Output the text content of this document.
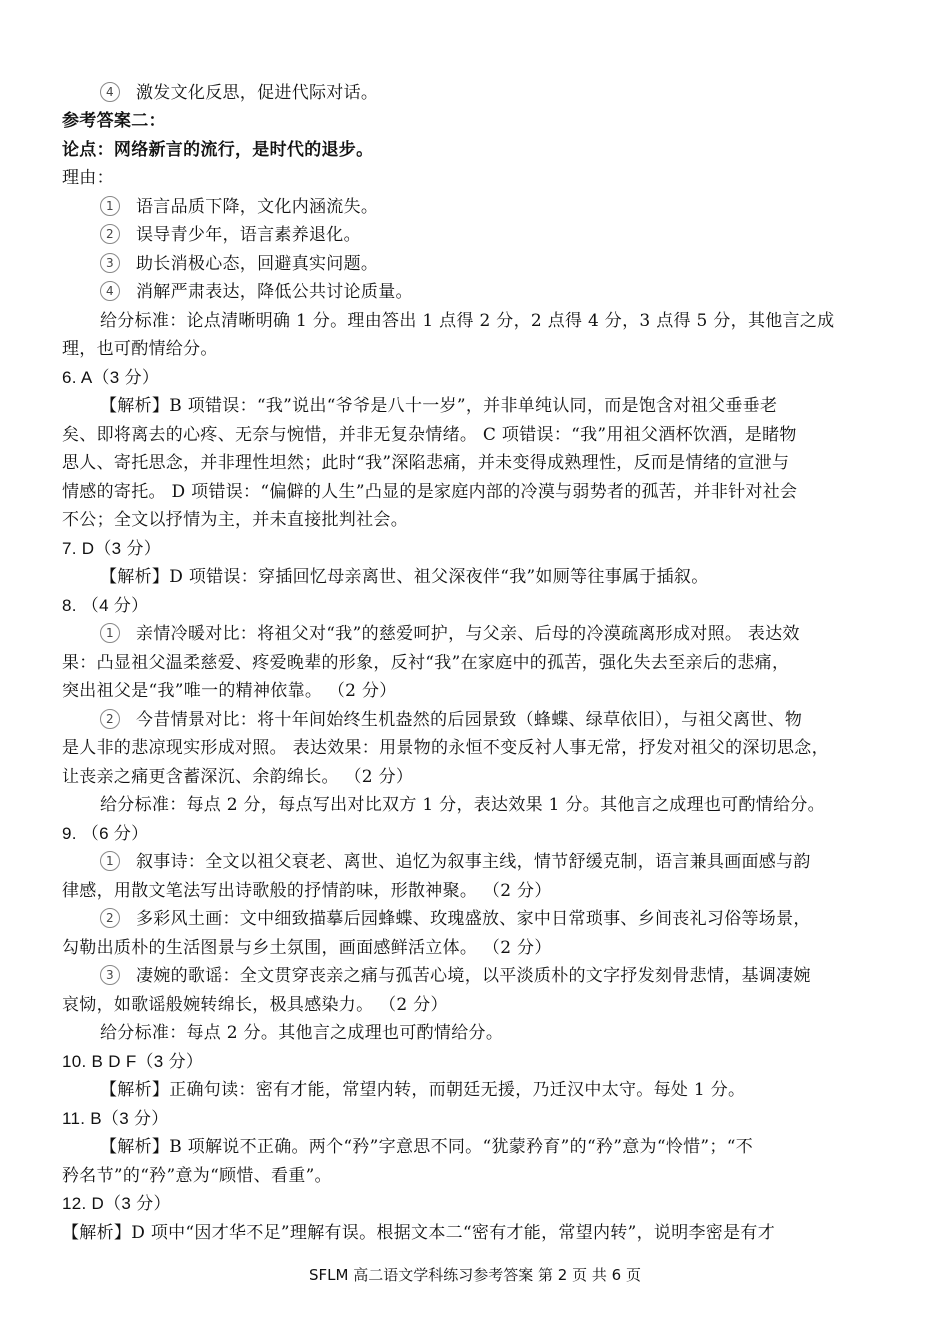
4 激发文化反思，促进代际对话。
参考答案二：
论点：网络新言的流行，是时代的退步。
理由：
1 语言品质下降，文化内涵流失。
2 误导青少年，语言素养退化。
3 助长消极心态，回避真实问题。
4 消解严肃表达，降低公共讨论质量。
给分标准：论点清晰明确 1 分。理由答出 1 点得 2 分，2 点得 4 分，3 点得 5 分，其他言之成
理，也可酌情给分。
6. A（3 分）
【解析】B 项错误：“我”说出“爷爷是八十一岁”，并非单纯认同，而是饱含对祖父垂垂老
矣、即将离去的心疼、无奈与惋惜，并非无复杂情绪。 C 项错误：“我”用祖父酒杯饮酒，是睹物
思人、寄托思念，并非理性坦然；此时“我”深陷悲痛，并未变得成熟理性，反而是情绪的宣泄与
情感的寄托。 D 项错误：“偏僻的人生”凸显的是家庭内部的冷漠与弱势者的孤苦，并非针对社会
不公；全文以抒情为主，并未直接批判社会。
7. D（3 分）
【解析】D 项错误：穿插回忆母亲离世、祖父深夜伴“我”如厕等往事属于插叙。
8. （4 分）
1 亲情冷暖对比：将祖父对“我”的慈爱呵护，与父亲、后母的冷漠疏离形成对照。 表达效
果：凸显祖父温柔慈爱、疼爱晚辈的形象，反衬“我”在家庭中的孤苦，强化失去至亲后的悲痛，
突出祖父是“我”唯一的精神依靠。 （2 分）
2 今昔情景对比：将十年间始终生机盎然的后园景致（蜂蝶、绿草依旧），与祖父离世、物
是人非的悲凉现实形成对照。 表达效果：用景物的永恒不变反衬人事无常，抒发对祖父的深切思念，
让丧亲之痛更含蓄深沉、余韵绵长。 （2 分）
给分标准：每点 2 分，每点写出对比双方 1 分，表达效果 1 分。其他言之成理也可酌情给分。
9. （6 分）
1 叙事诗：全文以祖父衰老、离世、追忆为叙事主线，情节舒缓克制，语言兼具画面感与韵
律感，用散文笔法写出诗歌般的抒情韵味，形散神聚。 （2 分）
2 多彩风土画：文中细致描摹后园蜂蝶、玫瑰盛放、家中日常琐事、乡间丧礼习俗等场景，
勾勒出质朴的生活图景与乡土氛围，画面感鲜活立体。 （2 分）
3 凄婉的歌谣：全文贯穿丧亲之痛与孤苦心境，以平淡质朴的文字抒发刻骨悲情，基调凄婉
哀恸，如歌谣般婉转绵长，极具感染力。 （2 分）
给分标准：每点 2 分。其他言之成理也可酌情给分。
10. B D F（3 分）
【解析】正确句读：密有才能，常望内转，而朝廷无援，乃迁汉中太守。每处 1 分。
11. B（3 分）
【解析】B 项解说不正确。两个“矜”字意思不同。“犹蒙矜育”的“矜”意为“怜惜”；“不
矜名节”的“矜”意为“顾惜、看重”。
12. D（3 分）
【解析】D 项中“因才华不足”理解有误。根据文本二“密有才能，常望内转”，说明李密是有才
SFLM 高二语文学科练习参考答案 第 2 页 共 6 页
